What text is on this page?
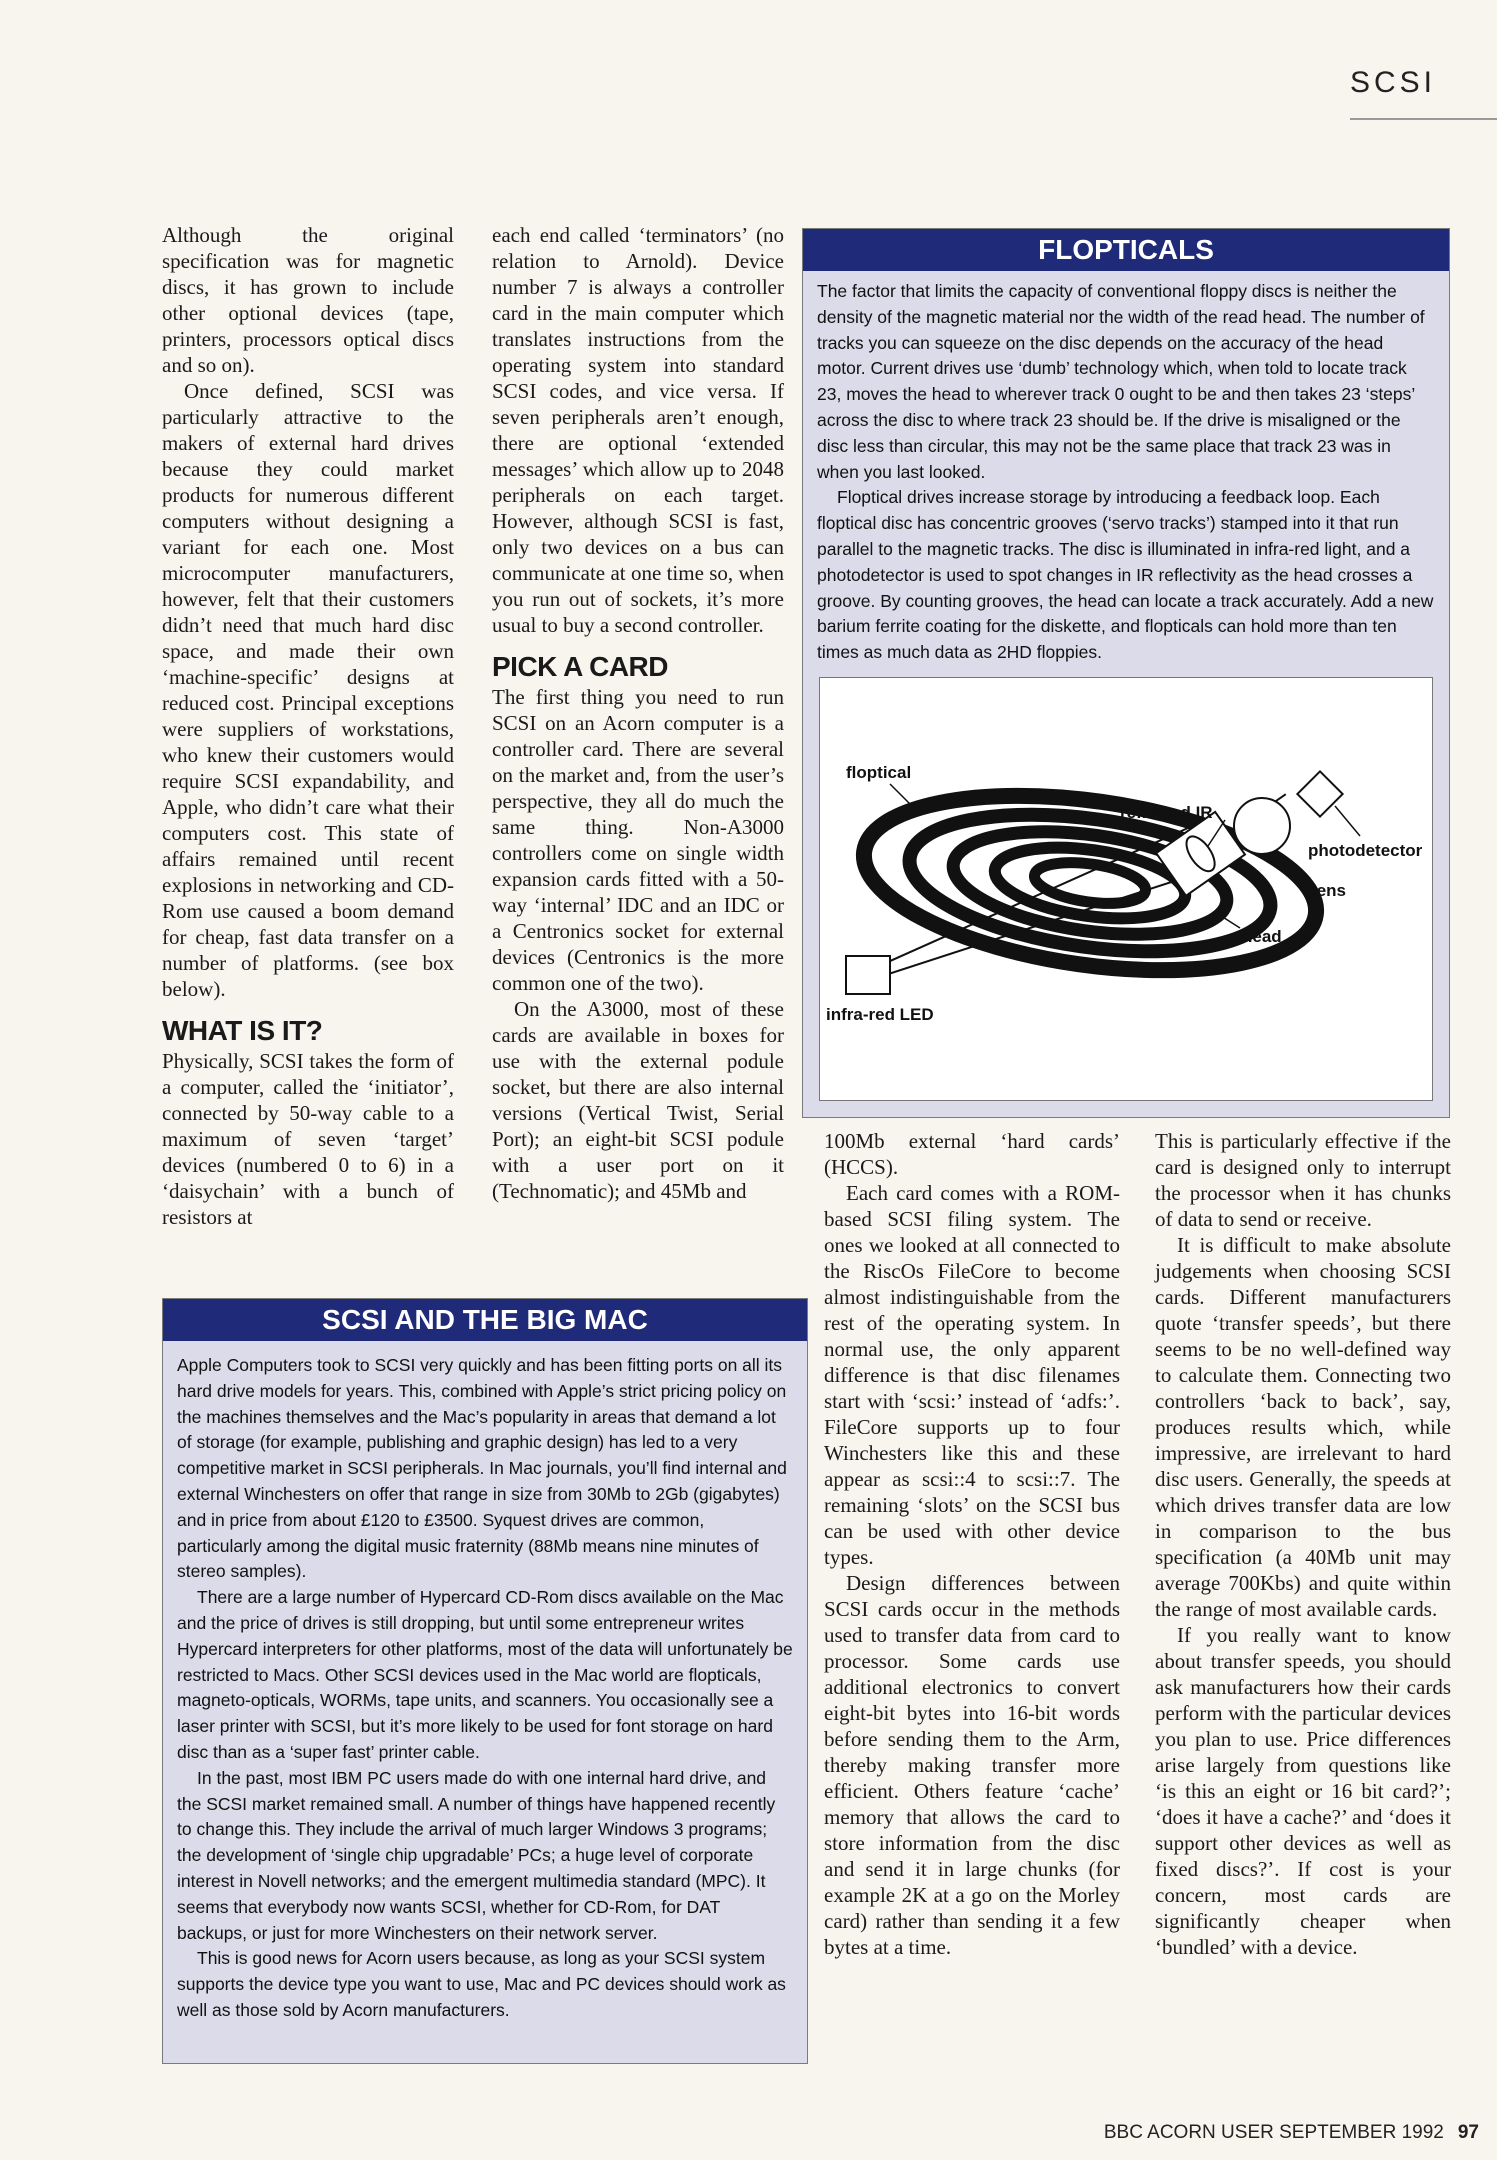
SCSI

Although the original specification was for magnetic discs, it has grown to include other optional devices (tape, printers, processors optical discs and so on).

Once defined, SCSI was particularly attractive to the makers of external hard drives because they could market products for numerous different computers without designing a variant for each one. Most microcomputer manufacturers, however, felt that their customers didn’t need that much hard disc space, and made their own ‘machine-specific’ designs at reduced cost. Principal exceptions were suppliers of workstations, who knew their customers would require SCSI expandability, and Apple, who didn’t care what their computers cost. This state of affairs remained until recent explosions in networking and CD-Rom use caused a boom demand for cheap, fast data transfer on a number of platforms. (see box below).

WHAT IS IT?

Physically, SCSI takes the form of a computer, called the ‘initiator’, connected by 50-way cable to a maximum of seven ‘target’ devices (numbered 0 to 6) in a ‘daisychain’ with a bunch of resistors at

each end called ‘terminators’ (no relation to Arnold). Device number 7 is always a controller card in the main computer which translates instructions from the operating system into standard SCSI codes, and vice versa. If seven peripherals aren’t enough, there are optional ‘extended messages’ which allow up to 2048 peripherals on each target. However, although SCSI is fast, only two devices on a bus can communicate at one time so, when you run out of sockets, it’s more usual to buy a second controller.

PICK A CARD

The first thing you need to run SCSI on an Acorn computer is a controller card. There are several on the market and, from the user’s perspective, they all do much the same thing. Non-A3000 controllers come on single width expansion cards fitted with a 50-way ‘internal’ IDC and an IDC or a Centronics socket for external devices (Centronics is the more common one of the two).

On the A3000, most of these cards are available in boxes for use with the external podule socket, but there are also internal versions (Vertical Twist, Serial Port); an eight-bit SCSI podule with a user port on it (Technomatic); and 45Mb and

FLOPTICALS

The factor that limits the capacity of conventional floppy discs is neither the density of the magnetic material nor the width of the read head. The number of tracks you can squeeze on the disc depends on the accuracy of the head motor. Current drives use ‘dumb’ technology which, when told to locate track 23, moves the head to wherever track 0 ought to be and then takes 23 ‘steps’ across the disc to where track 23 should be. If the drive is misaligned or the disc less than circular, this may not be the same place that track 23 was in when you last looked.

Floptical drives increase storage by introducing a feedback loop. Each floptical disc has concentric grooves (‘servo tracks’) stamped into it that run parallel to the magnetic tracks. The disc is illuminated in infra-red light, and a photodetector is used to spot changes in IR reflectivity as the head crosses a groove. By counting grooves, the head can locate a track accurately. Add a new barium ferrite coating for the diskette, and flopticals can hold more than ten times as much data as 2HD floppies.

floptical
reflected IR
photodetector
lens
head
infra-red LED

100Mb external ‘hard cards’ (HCCS).

Each card comes with a ROM-based SCSI filing system. The ones we looked at all connected to the RiscOs FileCore to become almost indistinguishable from the rest of the operating system. In normal use, the only apparent difference is that disc filenames start with ‘scsi:’ instead of ‘adfs:’. FileCore supports up to four Winchesters like this and these appear as scsi::4 to scsi::7. The remaining ‘slots’ on the SCSI bus can be used with other device types.

Design differences between SCSI cards occur in the methods used to transfer data from card to processor. Some cards use additional electronics to convert eight-bit bytes into 16-bit words before sending them to the Arm, thereby making transfer more efficient. Others feature ‘cache’ memory that allows the card to store information from the disc and send it in large chunks (for example 2K at a go on the Morley card) rather than sending it a few bytes at a time.

This is particularly effective if the card is designed only to interrupt the processor when it has chunks of data to send or receive.

It is difficult to make absolute judgements when choosing SCSI cards. Different manufacturers quote ‘transfer speeds’, but there seems to be no well-defined way to calculate them. Connecting two controllers ‘back to back’, say, produces results which, while impressive, are irrelevant to hard disc users. Generally, the speeds at which drives transfer data are low in comparison to the bus specification (a 40Mb unit may average 700Kbs) and quite within the range of most available cards.

If you really want to know about transfer speeds, you should ask manufacturers how their cards perform with the particular devices you plan to use. Price differences arise largely from questions like ‘is this an eight or 16 bit card?’; ‘does it have a cache?’ and ‘does it support other devices as well as fixed discs?’. If cost is your concern, most cards are significantly cheaper when ‘bundled’ with a device.

SCSI AND THE BIG MAC

Apple Computers took to SCSI very quickly and has been fitting ports on all its hard drive models for years. This, combined with Apple’s strict pricing policy on the machines themselves and the Mac’s popularity in areas that demand a lot of storage (for example, publishing and graphic design) has led to a very competitive market in SCSI peripherals. In Mac journals, you’ll find internal and external Winchesters on offer that range in size from 30Mb to 2Gb (gigabytes) and in price from about £120 to £3500. Syquest drives are common, particularly among the digital music fraternity (88Mb means nine minutes of stereo samples).

There are a large number of Hypercard CD-Rom discs available on the Mac and the price of drives is still dropping, but until some entrepreneur writes Hypercard interpreters for other platforms, most of the data will unfortunately be restricted to Macs. Other SCSI devices used in the Mac world are flopticals, magneto-opticals, WORMs, tape units, and scanners. You occasionally see a laser printer with SCSI, but it’s more likely to be used for font storage on hard disc than as a ‘super fast’ printer cable.

In the past, most IBM PC users made do with one internal hard drive, and the SCSI market remained small. A number of things have happened recently to change this. They include the arrival of much larger Windows 3 programs; the development of ‘single chip upgradable’ PCs; a huge level of corporate interest in Novell networks; and the emergent multimedia standard (MPC). It seems that everybody now wants SCSI, whether for CD-Rom, for DAT backups, or just for more Winchesters on their network server.

This is good news for Acorn users because, as long as your SCSI system supports the device type you want to use, Mac and PC devices should work as well as those sold by Acorn manufacturers.

BBC ACORN USER SEPTEMBER 1992 97
